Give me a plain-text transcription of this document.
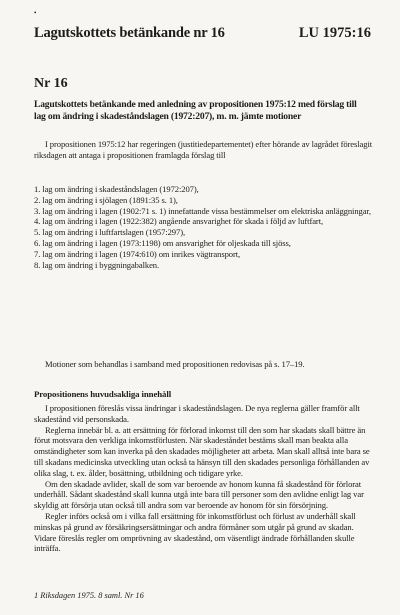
•
Lagutskottets betänkande nr 16	LU 1975:16
Nr 16
Lagutskottets betänkande med anledning av propositionen 1975:12 med förslag till lag om ändring i skadeståndslagen (1972:207), m. m. jämte motioner

I propositionen 1975:12 har regeringen (justitiedepartementet) efter hörande av lagrådet föreslagit riksdagen att antaga i propositionen framlagda förslag till

1. lag om ändring i skadeståndslagen (1972:207),
2. lag om ändring i sjölagen (1891:35 s. 1),
3. lag om ändring i lagen (1902:71 s. 1) innefattande vissa bestämmelser om elektriska anläggningar,
4. lag om ändring i lagen (1922:382) angående ansvarighet för skada i följd av luftfart,
5. lag om ändring i luftfartslagen (1957:297),
6. lag om ändring i lagen (1973:1198) om ansvarighet för oljeskada till sjöss,
7. lag om ändring i lagen (1974:610) om inrikes vägtransport,
8. lag om ändring i byggningabalken.

Motioner som behandlas i samband med propositionen redovisas på s. 17–19.

Propositionens huvudsakliga innehåll

I propositionen föreslås vissa ändringar i skadeståndslagen. De nya reglerna gäller framför allt skadestånd vid personskada.

Reglerna innebär bl. a. att ersättning för förlorad inkomst till den som har skadats skall bättre än förut motsvara den verkliga inkomstförlusten. När skadeståndet bestäms skall man beakta alla omständigheter som kan inverka på den skadades möjligheter att arbeta. Man skall alltså inte bara se till skadans medicinska utveckling utan också ta hänsyn till den skadades personliga förhållanden av olika slag, t. ex. ålder, bosättning, utbildning och tidigare yrke.

Om den skadade avlider, skall de som var beroende av honom kunna få skadestånd för förlorat underhåll. Sådant skadestånd skall kunna utgå inte bara till personer som den avlidne enligt lag var skyldig att försörja utan också till andra som var beroende av honom för sin försörjning.

Regler införs också om i vilka fall ersättning för inkomstförlust och förlust av underhåll skall minskas på grund av försäkringsersättningar och andra förmåner som utgår på grund av skadan. Vidare föreslås regler om omprövning av skadestånd, om väsentligt ändrade förhållanden skulle inträffa.

1 Riksdagen 1975. 8 saml. Nr 16
